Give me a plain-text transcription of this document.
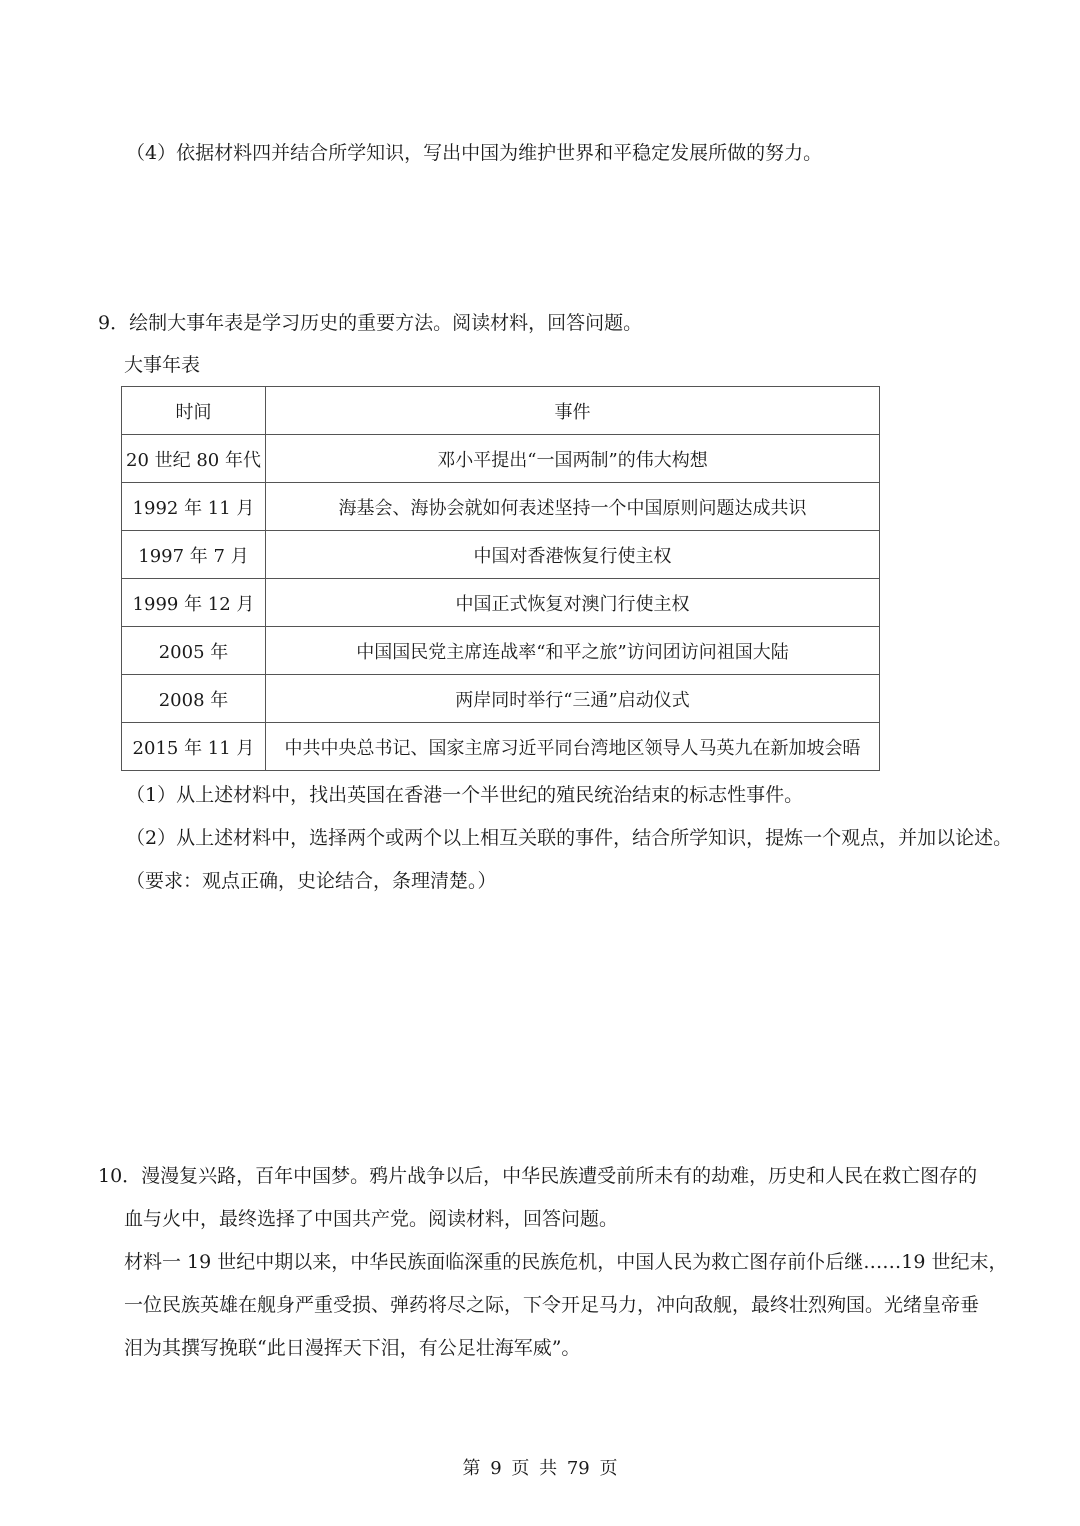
（4）依据材料四并结合所学知识，写出中国为维护世界和平稳定发展所做的努力。
9．绘制大事年表是学习历史的重要方法。阅读材料，回答问题。
大事年表
时间	事件
20 世纪 80 年代	邓小平提出“一国两制”的伟大构想
1992 年 11 月	海基会、海协会就如何表述坚持一个中国原则问题达成共识
1997 年 7 月	中国对香港恢复行使主权
1999 年 12 月	中国正式恢复对澳门行使主权
2005 年	中国国民党主席连战率“和平之旅”访问团访问祖国大陆
2008 年	两岸同时举行“三通”启动仪式
2015 年 11 月	中共中央总书记、国家主席习近平同台湾地区领导人马英九在新加坡会晤
（1）从上述材料中，找出英国在香港一个半世纪的殖民统治结束的标志性事件。
（2）从上述材料中，选择两个或两个以上相互关联的事件，结合所学知识，提炼一个观点，并加以论述。
（要求：观点正确，史论结合，条理清楚。）
10．漫漫复兴路，百年中国梦。鸦片战争以后，中华民族遭受前所未有的劫难，历史和人民在救亡图存的
血与火中，最终选择了中国共产党。阅读材料，回答问题。
材料一 19 世纪中期以来，中华民族面临深重的民族危机，中国人民为救亡图存前仆后继……19 世纪末，
一位民族英雄在舰身严重受损、弹药将尽之际，下令开足马力，冲向敌舰，最终壮烈殉国。光绪皇帝垂
泪为其撰写挽联“此日漫挥天下泪，有公足壮海军威”。
第 9 页 共 79 页
